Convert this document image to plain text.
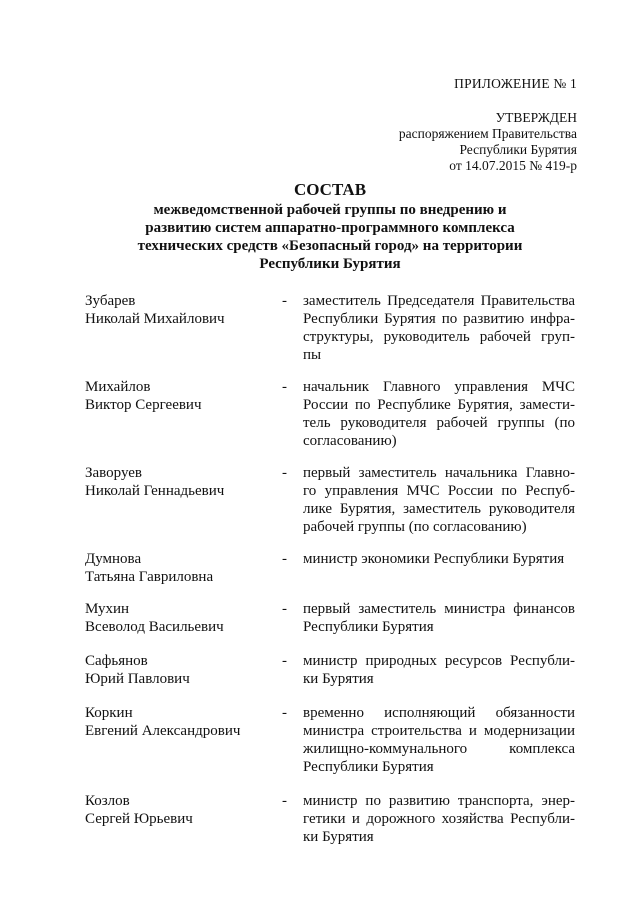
ПРИЛОЖЕНИЕ № 1
УТВЕРЖДЕН
распоряжением Правительства
Республики Бурятия
от 14.07.2015 № 419-р
СОСТАВ
межведомственной рабочей группы по внедрению и
развитию систем аппаратно-программного комплекса
технических средств «Безопасный город» на территории
Республики Бурятия
Зубарев
Николай Михайлович
- заместитель Председателя Правительства
Республики Бурятия по развитию инфра-
структуры, руководитель рабочей груп-
пы
Михайлов
Виктор Сергеевич
- начальник Главного управления МЧС
России по Республике Бурятия, замести-
тель руководителя рабочей группы (по
согласованию)
Заворуев
Николай Геннадьевич
- первый заместитель начальника Главно-
го управления МЧС России по Респуб-
лике Бурятия, заместитель руководителя
рабочей группы (по согласованию)
Думнова
Татьяна Гавриловна
- министр экономики Республики Бурятия
Мухин
Всеволод Васильевич
- первый заместитель министра финансов
Республики Бурятия
Сафьянов
Юрий Павлович
- министр природных ресурсов Республи-
ки Бурятия
Коркин
Евгений Александрович
- временно исполняющий обязанности
министра строительства и модернизации
жилищно-коммунального комплекса
Республики Бурятия
Козлов
Сергей Юрьевич
- министр по развитию транспорта, энер-
гетики и дорожного хозяйства Республи-
ки Бурятия
